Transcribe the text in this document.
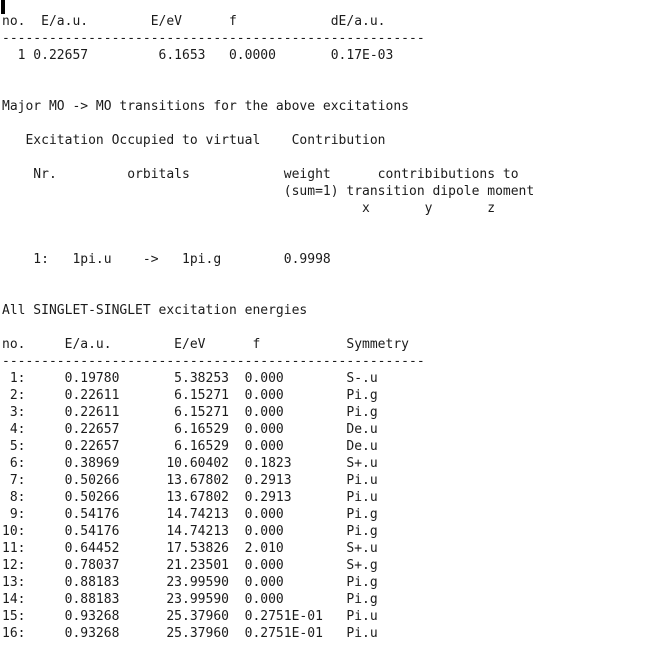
no.  E/a.u.        E/eV      f            dE/a.u.
------------------------------------------------------
1 0.22657         6.1653   0.0000       0.17E-03
Major MO -> MO transitions for the above excitations
Excitation Occupied to virtual    Contribution
Nr.         orbitals            weight      contribibutions to
(sum=1) transition dipole moment
x       y       z
1:   1pi.u    ->   1pi.g        0.9998
All SINGLET-SINGLET excitation energies
no.     E/a.u.        E/eV      f           Symmetry
------------------------------------------------------
1:     0.19780       5.38253  0.000        S-.u
2:     0.22611       6.15271  0.000        Pi.g
3:     0.22611       6.15271  0.000        Pi.g
4:     0.22657       6.16529  0.000        De.u
5:     0.22657       6.16529  0.000        De.u
6:     0.38969      10.60402  0.1823       S+.u
7:     0.50266      13.67802  0.2913       Pi.u
8:     0.50266      13.67802  0.2913       Pi.u
9:     0.54176      14.74213  0.000        Pi.g
10:     0.54176      14.74213  0.000        Pi.g
11:     0.64452      17.53826  2.010        S+.u
12:     0.78037      21.23501  0.000        S+.g
13:     0.88183      23.99590  0.000        Pi.g
14:     0.88183      23.99590  0.000        Pi.g
15:     0.93268      25.37960  0.2751E-01   Pi.u
16:     0.93268      25.37960  0.2751E-01   Pi.u
